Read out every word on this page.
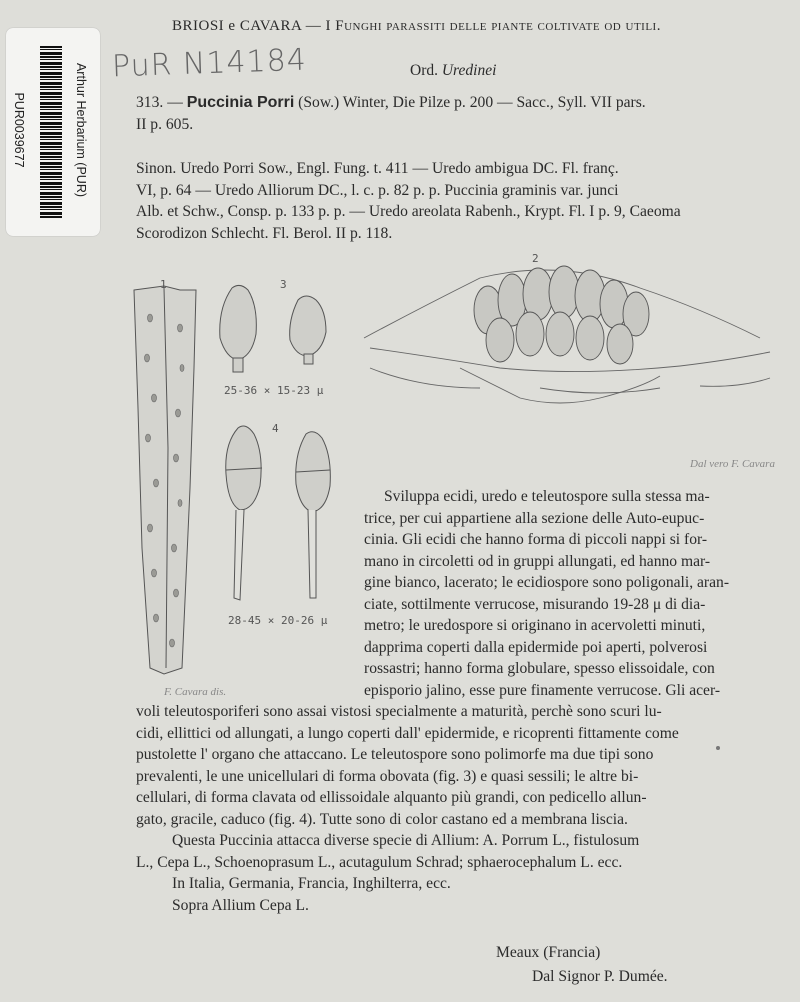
Arthur Herbarium (PUR)
PUR0039677
BRIOSI e CAVARA — I Funghi parassiti delle piante coltivate od utili.
PuR N14184	Ord. Uredinei
313. — Puccinia Porri (Sow.) Winter, Die Pilze p. 200 — Sacc., Syll. VII pars.
II p. 605.
Sinon. Uredo Porri Sow., Engl. Fung. t. 411 — Uredo ambigua DC. Fl. franç.
VI, p. 64 — Uredo Alliorum DC., l. c. p. 82 p. p. Puccinia graminis var. junci
Alb. et Schw., Consp. p. 133 p. p. — Uredo areolata Rabenh., Krypt. Fl. I p. 9, Caeoma
Scorodizon Schlecht. Fl. Berol. II p. 118.
1
2
3
4
25-36 × 15-23 μ
28-45 × 20-26 μ
F. Cavara dis.
Dal vero F. Cavara
Sviluppa ecidi, uredo e teleutospore sulla stessa ma-
trice, per cui appartiene alla sezione delle Auto-eupuc-
cinia. Gli ecidi che hanno forma di piccoli nappi si for-
mano in circoletti od in gruppi allungati, ed hanno mar-
gine bianco, lacerato; le ecidiospore sono poligonali, aran-
ciate, sottilmente verrucose, misurando 19-28 μ di dia-
metro; le uredospore si originano in acervoletti minuti,
dapprima coperti dalla epidermide poi aperti, polverosi
rossastri; hanno forma globulare, spesso elissoidale, con
episporio jalino, esse pure finamente verrucose. Gli acer-
voli teleutosporiferi sono assai vistosi specialmente a maturità, perchè sono scuri lu-
cidi, ellittici od allungati, a lungo coperti dall' epidermide, e ricoprenti fittamente come
pustolette l' organo che attaccano. Le teleutospore sono polimorfe ma due tipi sono
prevalenti, le une unicellulari di forma obovata (fig. 3) e quasi sessili; le altre bi-
cellulari, di forma clavata od ellissoidale alquanto più grandi, con pedicello allun-
gato, gracile, caduco (fig. 4). Tutte sono di color castano ed a membrana liscia.
Questa Puccinia attacca diverse specie di Allium: A. Porrum L., fistulosum
L., Cepa L., Schoenoprasum L., acutagulum Schrad; sphaerocephalum L. ecc.
In Italia, Germania, Francia, Inghilterra, ecc.
Sopra Allium Cepa L.
Meaux (Francia)
Dal Signor P. Dumée.
